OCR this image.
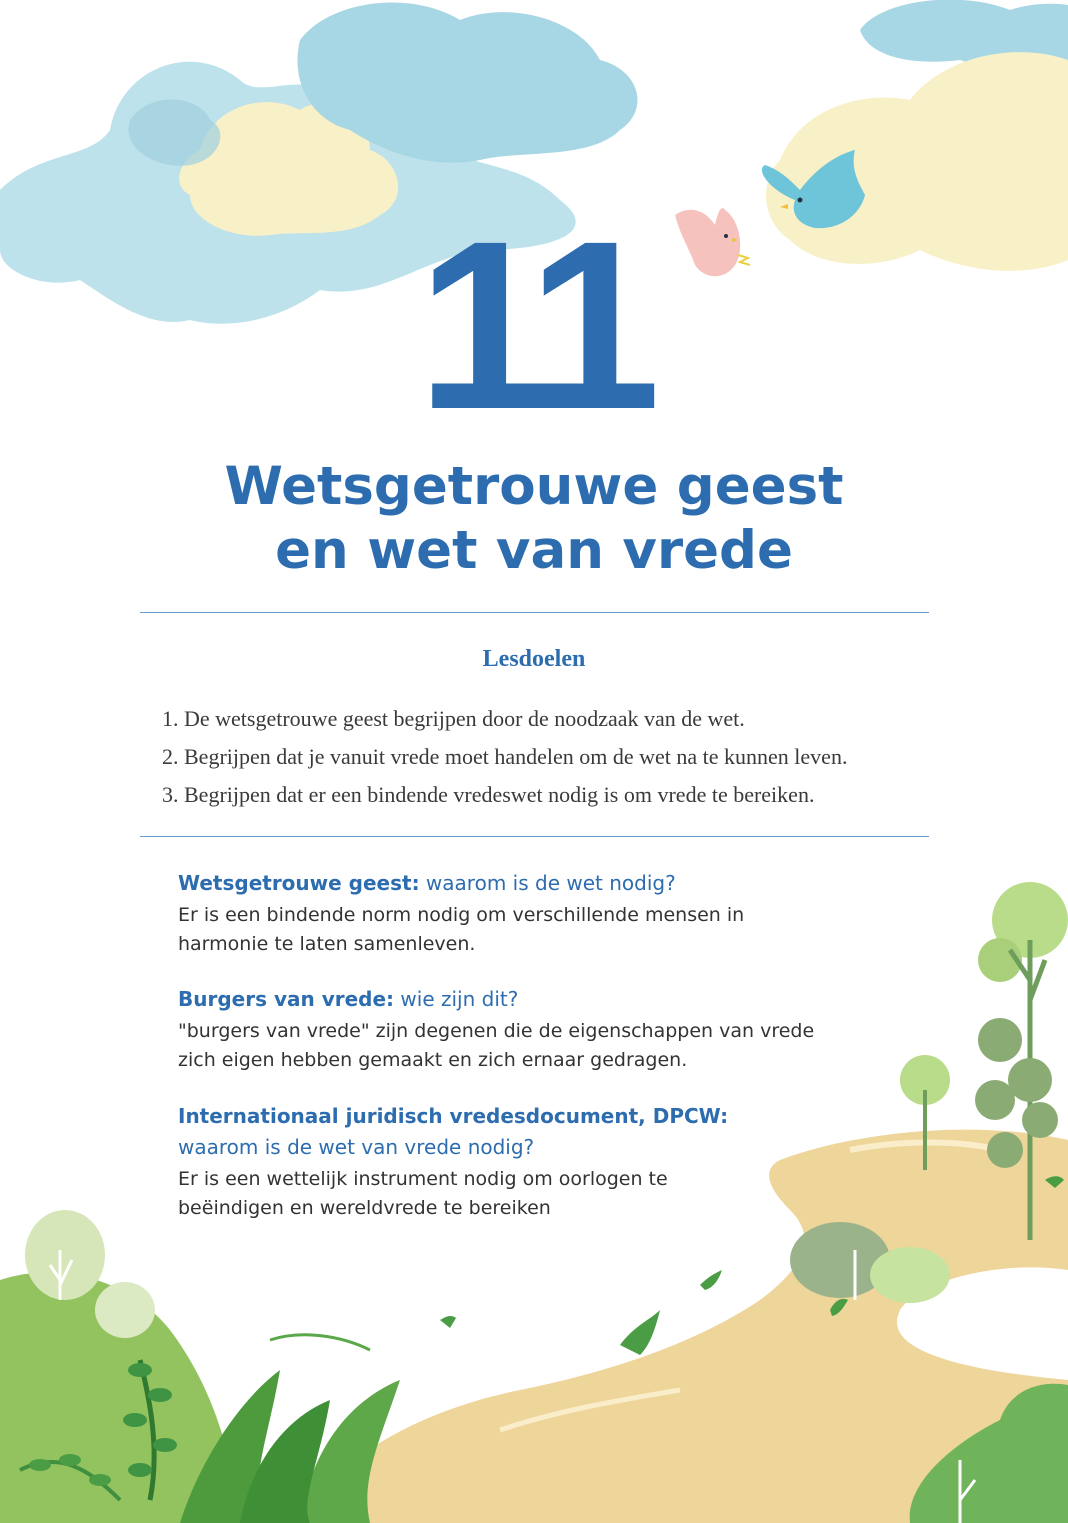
11
Wetsgetrouwe geest
en wet van vrede
Lesdoelen
1. De wetsgetrouwe geest begrijpen door de noodzaak van de wet.
2. Begrijpen dat je vanuit vrede moet handelen om de wet na te kunnen leven.
3. Begrijpen dat er een bindende vredeswet nodig is om vrede te bereiken.
Wetsgetrouwe geest: waarom is de wet nodig?
Er is een bindende norm nodig om verschillende mensen in
harmonie te laten samenleven.
Burgers van vrede: wie zijn dit?
"burgers van vrede" zijn degenen die de eigenschappen van vrede
zich eigen hebben gemaakt en zich ernaar gedragen.
Internationaal juridisch vredesdocument, DPCW:
waarom is de wet van vrede nodig?
Er is een wettelijk instrument nodig om oorlogen te
beëindigen en wereldvrede te bereiken
